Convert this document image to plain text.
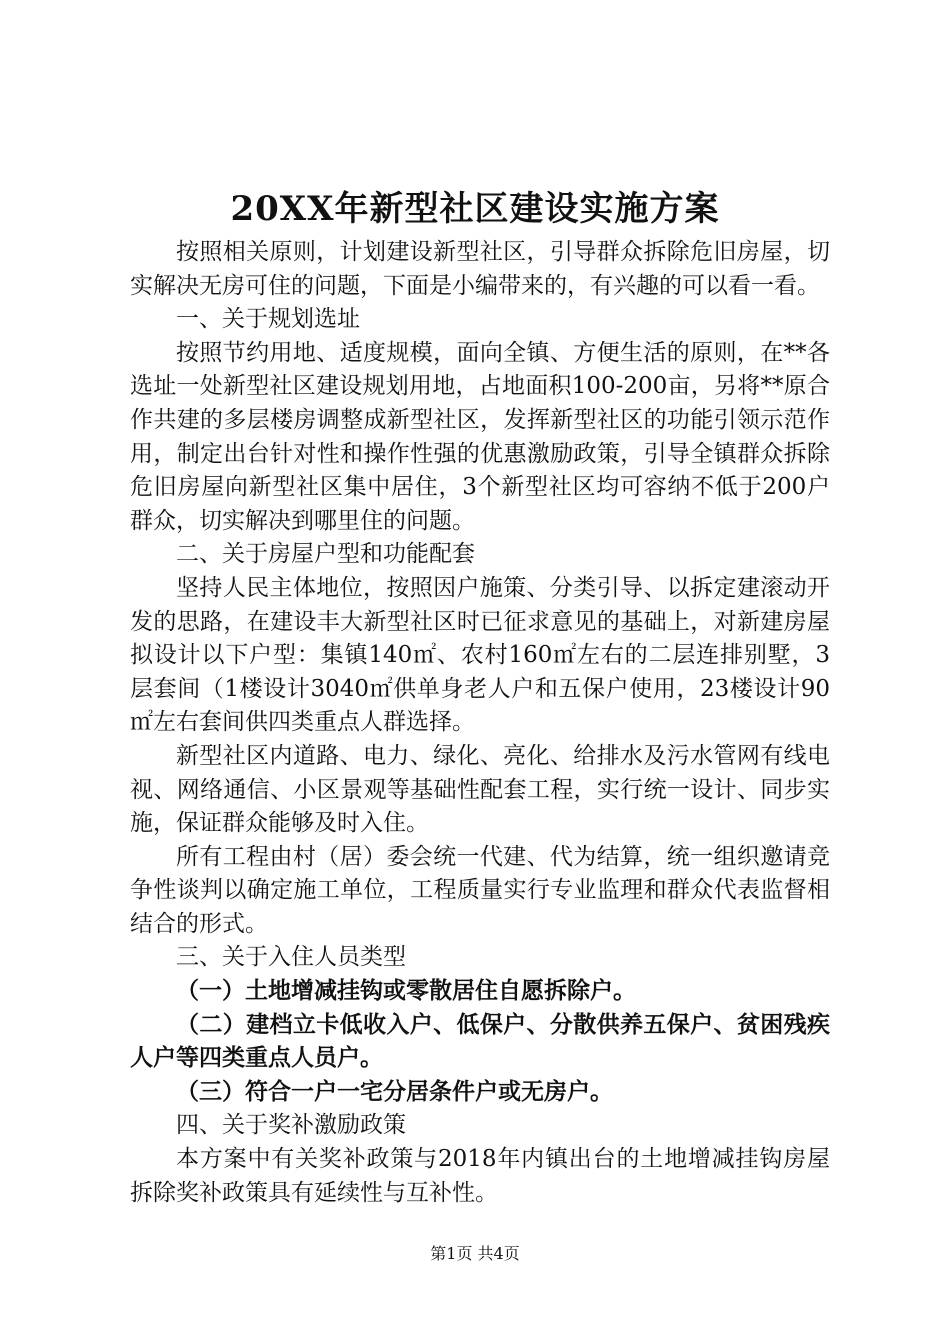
20XX年新型社区建设实施方案

按照相关原则，计划建设新型社区，引导群众拆除危旧房屋，切实解决无房可住的问题，下面是小编带来的，有兴趣的可以看一看。

一、关于规划选址

按照节约用地、适度规模，面向全镇、方便生活的原则，在**各选址一处新型社区建设规划用地，占地面积100-200亩，另将**原合作共建的多层楼房调整成新型社区，发挥新型社区的功能引领示范作用，制定出台针对性和操作性强的优惠激励政策，引导全镇群众拆除危旧房屋向新型社区集中居住，3个新型社区均可容纳不低于200户群众，切实解决到哪里住的问题。

二、关于房屋户型和功能配套

坚持人民主体地位，按照因户施策、分类引导、以拆定建滚动开发的思路，在建设丰大新型社区时已征求意见的基础上，对新建房屋拟设计以下户型：集镇140㎡、农村160㎡左右的二层连排别墅，3层套间（1楼设计3040㎡供单身老人户和五保户使用，23楼设计90㎡左右套间供四类重点人群选择。

新型社区内道路、电力、绿化、亮化、给排水及污水管网有线电视、网络通信、小区景观等基础性配套工程，实行统一设计、同步实施，保证群众能够及时入住。

所有工程由村（居）委会统一代建、代为结算，统一组织邀请竞争性谈判以确定施工单位，工程质量实行专业监理和群众代表监督相结合的形式。

三、关于入住人员类型

（一）土地增减挂钩或零散居住自愿拆除户。

（二）建档立卡低收入户、低保户、分散供养五保户、贫困残疾人户等四类重点人员户。

（三）符合一户一宅分居条件户或无房户。

四、关于奖补激励政策

本方案中有关奖补政策与2018年内镇出台的土地增减挂钩房屋拆除奖补政策具有延续性与互补性。

第1页 共4页
